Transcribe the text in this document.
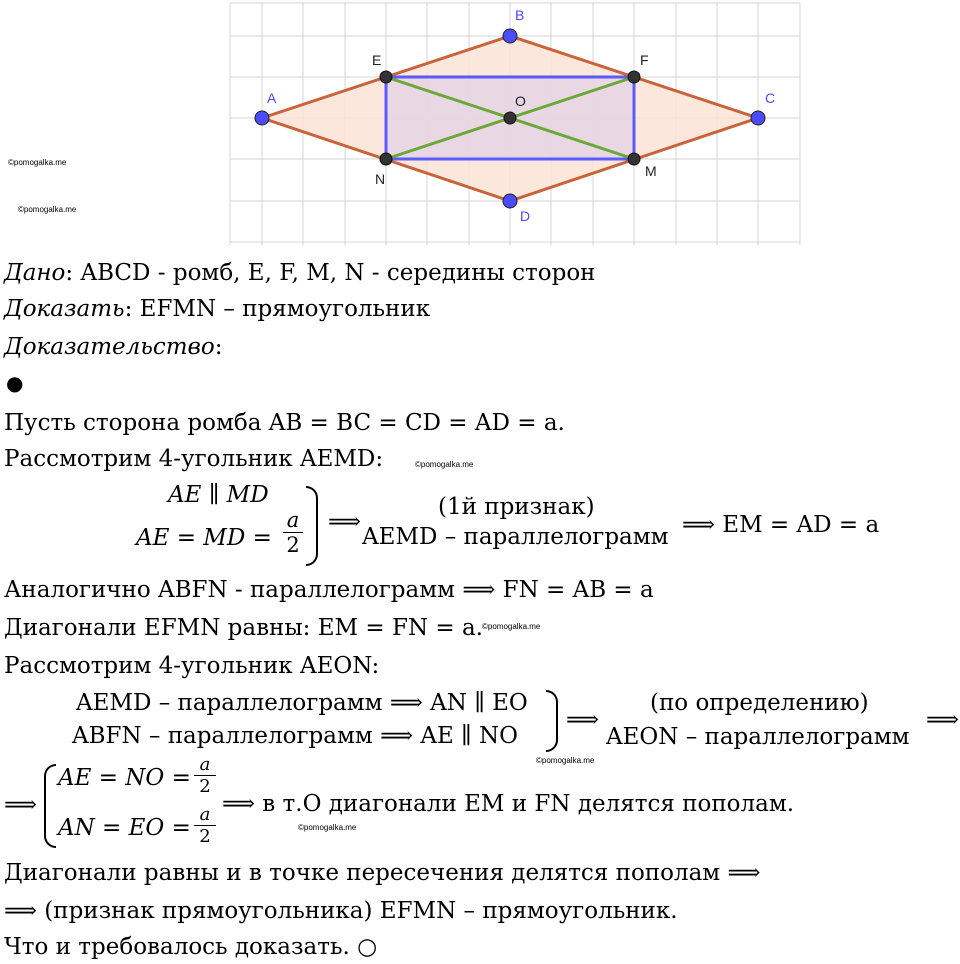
A
B
C
D
E	F
M
N
O
©pomogalka.me
©pomogalka.me
Дано: ABCD - ромб, E, F, M, N - середины сторон
Доказать: EFMN – прямоугольник
Доказательство:
●
Пусть сторона ромба AB = BC = CD = AD = a.
Рассмотрим 4-угольник AEMD:	©pomogalka.me
AE ∥ MD
AE = MD = $\frac{a}{2}$ ⟹
(1й признак)
AEMD – параллелограмм ⟹ EM = AD = a
Аналогично ABFN - параллелограмм ⟹ FN = AB = a
Диагонали EFMN равны: EM = FN = a. ©pomogalka.me
Рассмотрим 4-угольник AEON:
AEMD – параллелограмм ⟹ AN ∥ EO
ABFN – параллелограмм ⟹ AE ∥ NO
⟹
(по определению)
AEON – параллелограмм
⟹
©pomogalka.me
⟹
AE = NO = $\frac{a}{2}$
AN = EO = $\frac{a}{2}$ ⟹ в т.O диагонали EM и FN делятся пополам.
©pomogalka.me
Диагонали равны и в точке пересечения делятся пополам ⟹
⟹ (признак прямоугольника) EFMN – прямоугольник.
Что и требовалось доказать. ○
